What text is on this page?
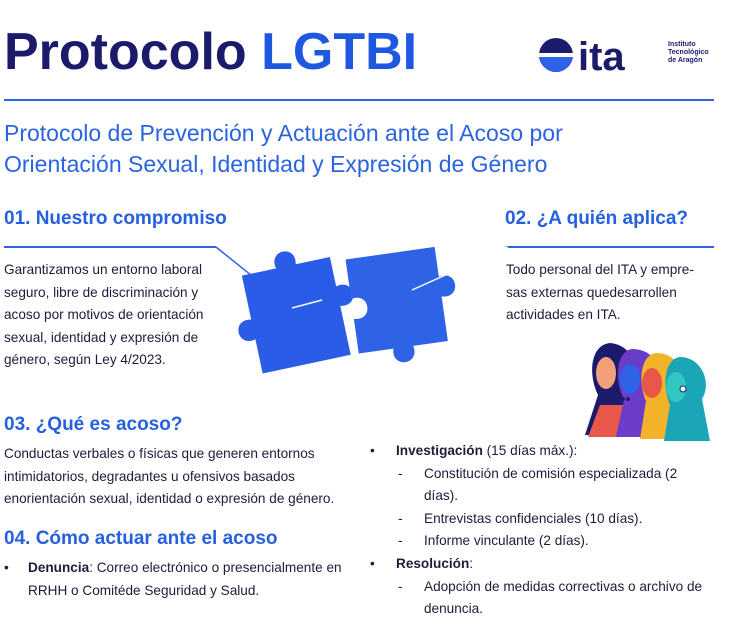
Protocolo LGTBI	ita	Instituto
Tecnológico
de Aragón
Protocolo de Prevención y Actuación ante el Acoso por
Orientación Sexual, Identidad y Expresión de Género
01. Nuestro compromiso
Garantizamos un entorno laboral
seguro, libre de discriminación y
acoso por motivos de orientación
sexual, identidad y expresión de
género, según Ley 4/2023.
02. ¿A quién aplica?
Todo personal del ITA y empre-
sas externas quedesarrollen
actividades en ITA.
03. ¿Qué es acoso?
Conductas verbales o físicas que generen entornos
intimidatorios, degradantes u ofensivos basados
enorientación sexual, identidad o expresión de género.
04. Cómo actuar ante el acoso
•	Denuncia: Correo electrónico o presencialmente en
RRHH o Comitéde Seguridad y Salud.
•	Investigación (15 días máx.):
-	Constitución de comisión especializada (2
días).
-	Entrevistas confidenciales (10 días).
-	Informe vinculante (2 días).
•	Resolución:
-	Adopción de medidas correctivas o archivo de
denuncia.
